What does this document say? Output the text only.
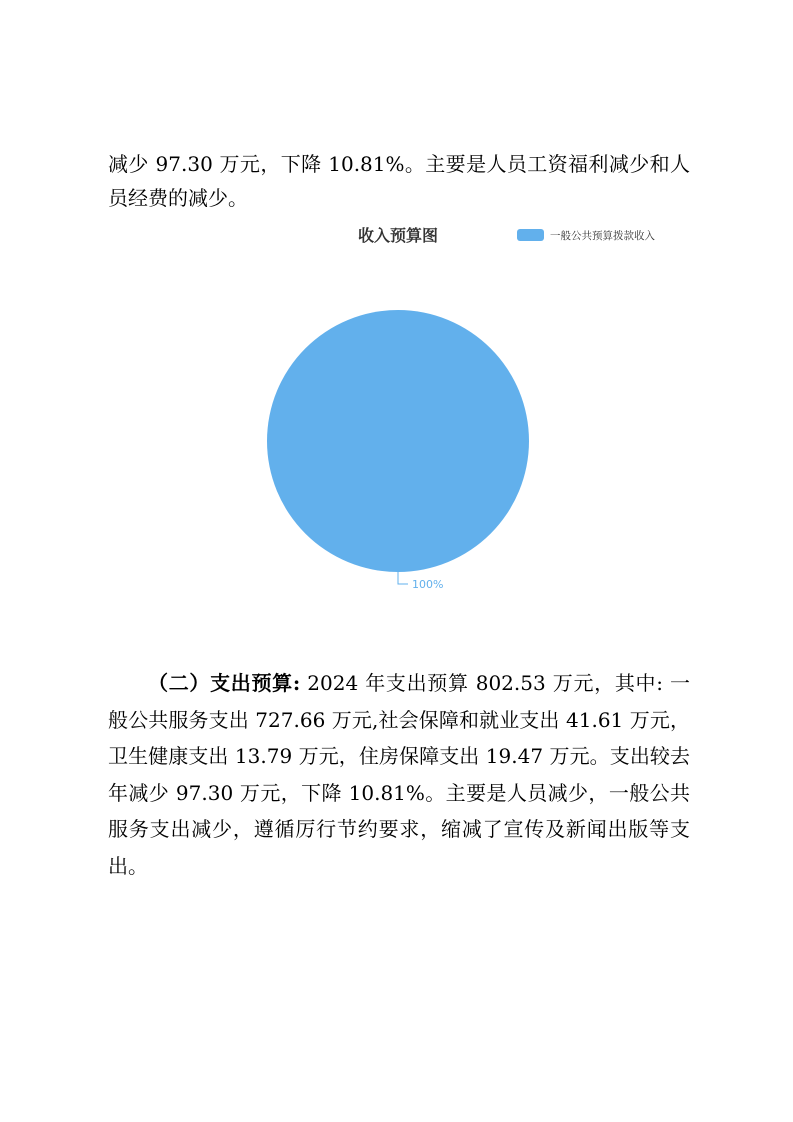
减少 97.30 万元，下降 10.81%。主要是人员工资福利减少和人员经费的减少。

收入预算图	一般公共预算拨款收入
100%

（二）支出预算: 2024 年支出预算 802.53 万元，其中: 一般公共服务支出 727.66 万元,社会保障和就业支出 41.61 万元，卫生健康支出 13.79 万元，住房保障支出 19.47 万元。支出较去年减少 97.30 万元，下降 10.81%。主要是人员减少，一般公共服务支出减少，遵循厉行节约要求，缩减了宣传及新闻出版等支出。
